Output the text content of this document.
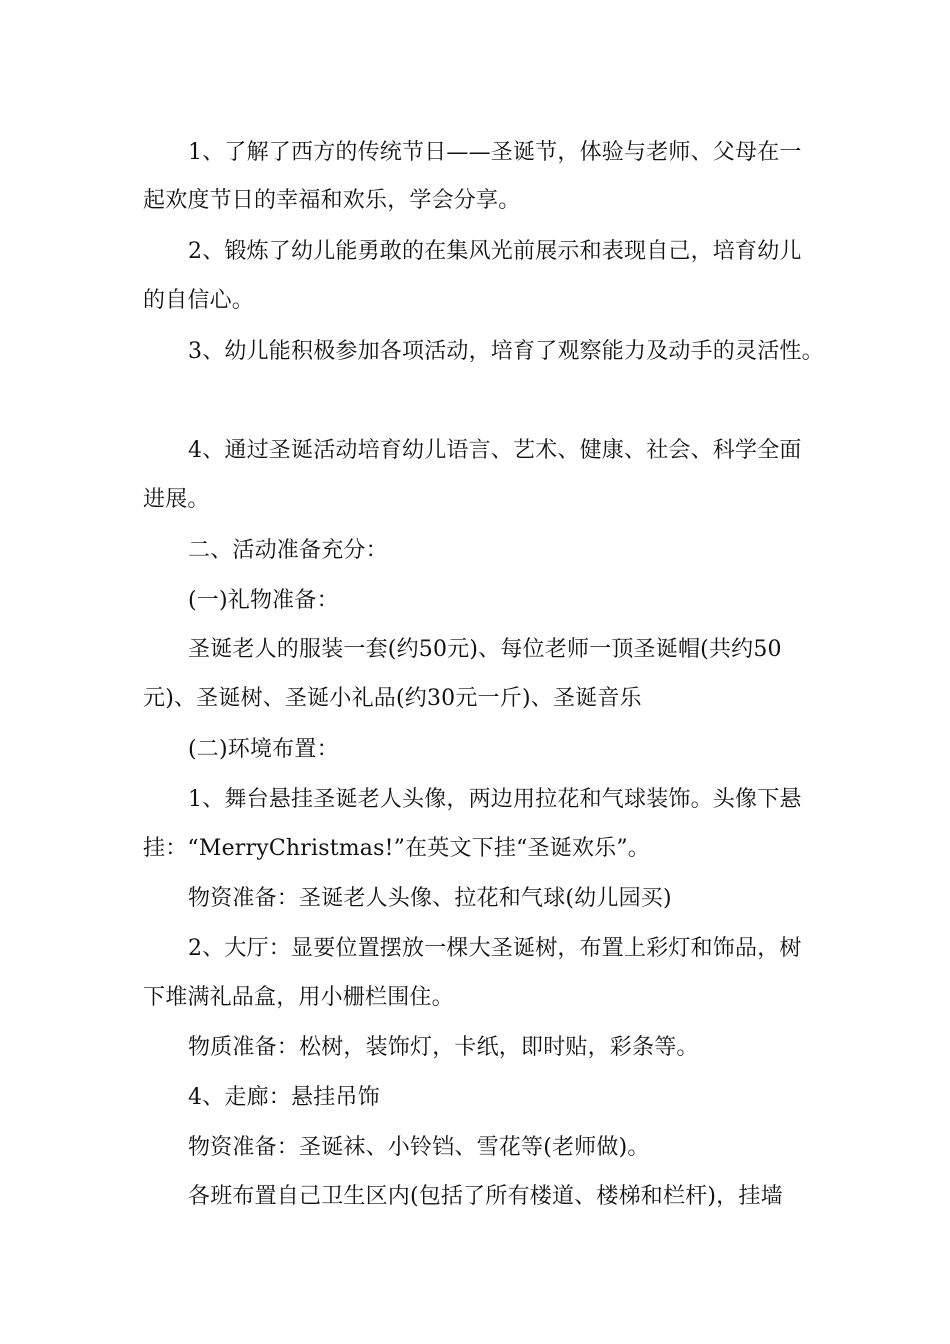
1、了解了西方的传统节日——圣诞节，体验与老师、父母在一
起欢度节日的幸福和欢乐，学会分享。
2、锻炼了幼儿能勇敢的在集风光前展示和表现自己，培育幼儿
的自信心。
3、幼儿能积极参加各项活动，培育了观察能力及动手的灵活性。
4、通过圣诞活动培育幼儿语言、艺术、健康、社会、科学全面
进展。
二、活动准备充分：
(一)礼物准备：
圣诞老人的服装一套(约50元)、每位老师一顶圣诞帽(共约50
元)、圣诞树、圣诞小礼品(约30元一斤)、圣诞音乐
(二)环境布置：
1、舞台悬挂圣诞老人头像，两边用拉花和气球装饰。头像下悬
挂：“MerryChristmas!”在英文下挂“圣诞欢乐”。
物资准备：圣诞老人头像、拉花和气球(幼儿园买)
2、大厅：显要位置摆放一棵大圣诞树，布置上彩灯和饰品，树
下堆满礼品盒，用小栅栏围住。
物质准备：松树，装饰灯，卡纸，即时贴，彩条等。
4、走廊：悬挂吊饰
物资准备：圣诞袜、小铃铛、雪花等(老师做)。
各班布置自己卫生区内(包括了所有楼道、楼梯和栏杆)，挂墙
